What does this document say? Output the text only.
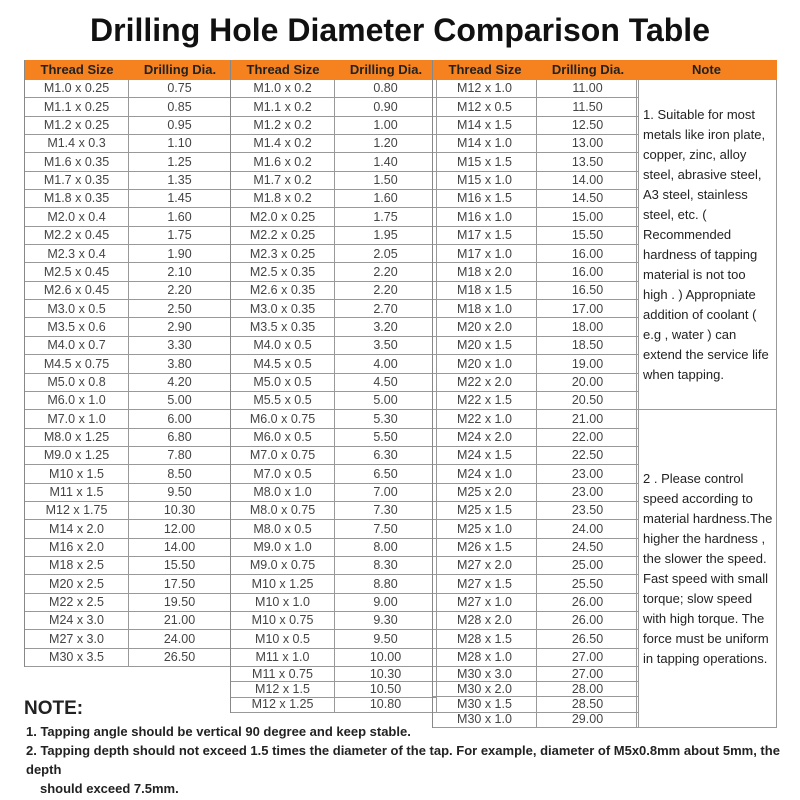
Drilling Hole Diameter Comparison Table
Thread Size	Drilling Dia.
M1.0 x 0.25	0.75
M1.1 x 0.25	0.85
M1.2 x 0.25	0.95
M1.4 x 0.3	1.10
M1.6 x 0.35	1.25
M1.7 x 0.35	1.35
M1.8 x 0.35	1.45
M2.0 x 0.4	1.60
M2.2 x 0.45	1.75
M2.3 x 0.4	1.90
M2.5 x 0.45	2.10
M2.6 x 0.45	2.20
M3.0 x 0.5	2.50
M3.5 x 0.6	2.90
M4.0 x 0.7	3.30
M4.5 x 0.75	3.80
M5.0 x 0.8	4.20
M6.0 x 1.0	5.00
M7.0 x 1.0	6.00
M8.0 x 1.25	6.80
M9.0 x 1.25	7.80
M10 x 1.5	8.50
M11 x 1.5	9.50
M12 x 1.75	10.30
M14 x 2.0	12.00
M16 x 2.0	14.00
M18 x 2.5	15.50
M20 x 2.5	17.50
M22 x 2.5	19.50
M24 x 3.0	21.00
M27 x 3.0	24.00
M30 x 3.5	26.50
Thread Size	Drilling Dia.
M1.0 x 0.2	0.80
M1.1 x 0.2	0.90
M1.2 x 0.2	1.00
M1.4 x 0.2	1.20
M1.6 x 0.2	1.40
M1.7 x 0.2	1.50
M1.8 x 0.2	1.60
M2.0 x 0.25	1.75
M2.2 x 0.25	1.95
M2.3 x 0.25	2.05
M2.5 x 0.35	2.20
M2.6 x 0.35	2.20
M3.0 x 0.35	2.70
M3.5 x 0.35	3.20
M4.0 x 0.5	3.50
M4.5 x 0.5	4.00
M5.0 x 0.5	4.50
M5.5 x 0.5	5.00
M6.0 x 0.75	5.30
M6.0 x 0.5	5.50
M7.0 x 0.75	6.30
M7.0 x 0.5	6.50
M8.0 x 1.0	7.00
M8.0 x 0.75	7.30
M8.0 x 0.5	7.50
M9.0 x 1.0	8.00
M9.0 x 0.75	8.30
M10 x 1.25	8.80
M10 x 1.0	9.00
M10 x 0.75	9.30
M10 x 0.5	9.50
M11 x 1.0	10.00
M11 x 0.75	10.30
M12 x 1.5	10.50
M12 x 1.25	10.80
Thread Size	Drilling Dia.
M12 x 1.0	11.00
M12 x 0.5	11.50
M14 x 1.5	12.50
M14 x 1.0	13.00
M15 x 1.5	13.50
M15 x 1.0	14.00
M16 x 1.5	14.50
M16 x 1.0	15.00
M17 x 1.5	15.50
M17 x 1.0	16.00
M18 x 2.0	16.00
M18 x 1.5	16.50
M18 x 1.0	17.00
M20 x 2.0	18.00
M20 x 1.5	18.50
M20 x 1.0	19.00
M22 x 2.0	20.00
M22 x 1.5	20.50
M22 x 1.0	21.00
M24 x 2.0	22.00
M24 x 1.5	22.50
M24 x 1.0	23.00
M25 x 2.0	23.00
M25 x 1.5	23.50
M25 x 1.0	24.00
M26 x 1.5	24.50
M27 x 2.0	25.00
M27 x 1.5	25.50
M27 x 1.0	26.00
M28 x 2.0	26.00
M28 x 1.5	26.50
M28 x 1.0	27.00
M30 x 3.0	27.00
M30 x 2.0	28.00
M30 x 1.5	28.50
M30 x 1.0	29.00
Note
1. Suitable for most metals like iron plate, copper, zinc, alloy steel, abrasive steel, A3 steel, stainless steel, etc. ( Recommended hardness of tapping material is not too high . ) Appropniate addition of coolant ( e.g , water ) can extend the service life when tapping.
2 . Please control speed according to material hardness.The higher the hardness , the slower the speed. Fast speed with small torque; slow speed with high torque. The force must be uniform in tapping operations.
NOTE:
1. Tapping angle should be vertical 90 degree and keep stable.
2. Tapping depth should not exceed 1.5 times the diameter of the tap. For example, diameter of M5x0.8mm about 5mm, the depth
should exceed 7.5mm.
